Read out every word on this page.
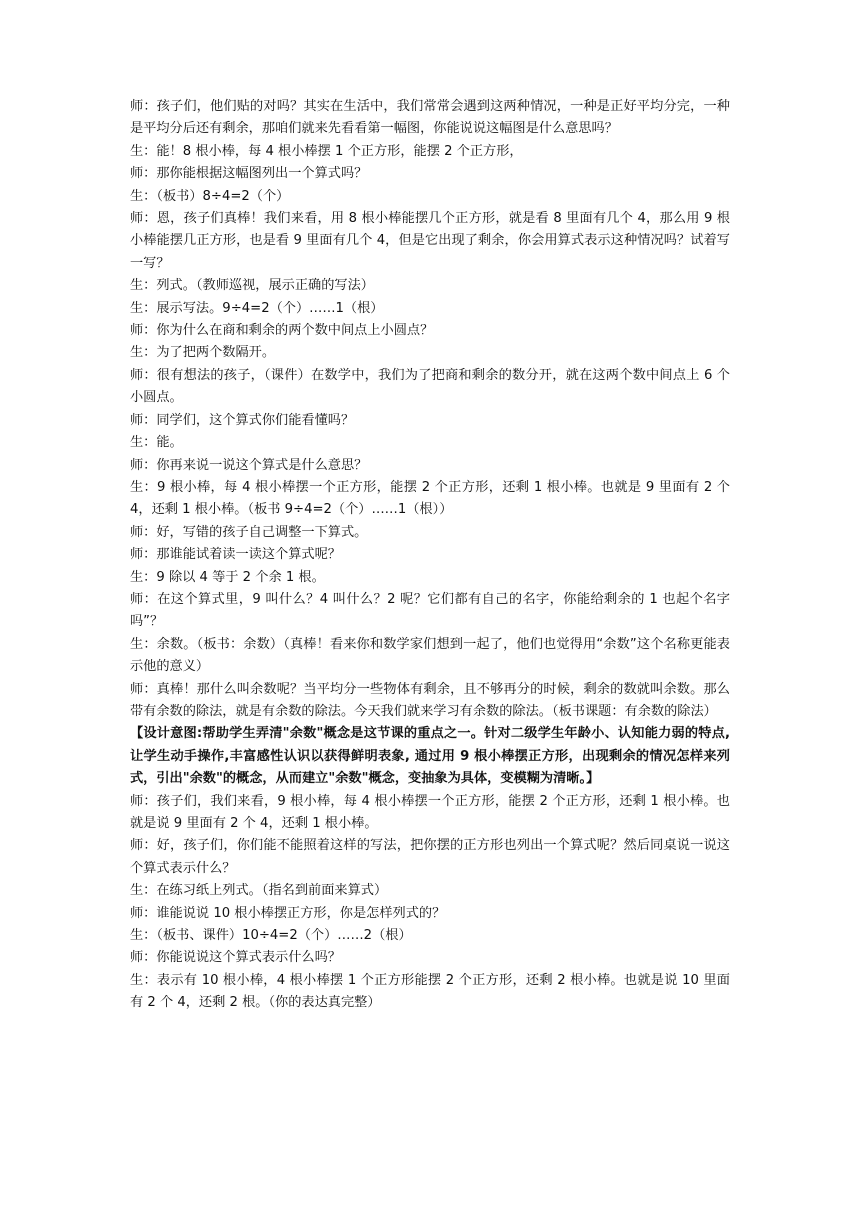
师：孩子们，他们贴的对吗？其实在生活中，我们常常会遇到这两种情况，一种是正好平均分完，一种是平均分后还有剩余，那咱们就来先看看第一幅图，你能说说这幅图是什么意思吗？

生：能！8 根小棒，每 4 根小棒摆 1 个正方形，能摆 2 个正方形，

师：那你能根据这幅图列出一个算式吗？

生：（板书）8÷4=2（个）

师：恩，孩子们真棒！我们来看，用 8 根小棒能摆几个正方形，就是看 8 里面有几个 4，那么用 9 根小棒能摆几正方形，也是看 9 里面有几个 4，但是它出现了剩余，你会用算式表示这种情况吗？试着写一写？

生：列式。（教师巡视，展示正确的写法）

生：展示写法。9÷4=2（个）……1（根）

师：你为什么在商和剩余的两个数中间点上小圆点？

生：为了把两个数隔开。

师：很有想法的孩子，（课件）在数学中，我们为了把商和剩余的数分开，就在这两个数中间点上 6 个小圆点。

师：同学们，这个算式你们能看懂吗？

生：能。

师：你再来说一说这个算式是什么意思？

生：9 根小棒，每 4 根小棒摆一个正方形，能摆 2 个正方形，还剩 1 根小棒。也就是 9 里面有 2 个 4，还剩 1 根小棒。（板书 9÷4=2（个）……1（根））

师：好，写错的孩子自己调整一下算式。

师：那谁能试着读一读这个算式呢？

生：9 除以 4 等于 2 个余 1 根。

师：在这个算式里，9 叫什么？4 叫什么？2 呢？它们都有自己的名字，你能给剩余的 1 也起个名字吗”？

生：余数。（板书：余数）（真棒！看来你和数学家们想到一起了，他们也觉得用“余数”这个名称更能表示他的意义）

师：真棒！那什么叫余数呢？当平均分一些物体有剩余，且不够再分的时候，剩余的数就叫余数。那么带有余数的除法，就是有余数的除法。今天我们就来学习有余数的除法。（板书课题：有余数的除法）

【设计意图:帮助学生弄清"余数"概念是这节课的重点之一。针对二级学生年龄小、认知能力弱的特点,让学生动手操作,丰富感性认识以获得鲜明表象, 通过用 9 根小棒摆正方形，出现剩余的情况怎样来列式，引出"余数"的概念，从而建立"余数"概念，变抽象为具体，变模糊为清晰。】

师：孩子们，我们来看，9 根小棒，每 4 根小棒摆一个正方形，能摆 2 个正方形，还剩 1 根小棒。也就是说 9 里面有 2 个 4，还剩 1 根小棒。

师：好，孩子们，你们能不能照着这样的写法，把你摆的正方形也列出一个算式呢？然后同桌说一说这个算式表示什么？

生：在练习纸上列式。（指名到前面来算式）

师：谁能说说 10 根小棒摆正方形，你是怎样列式的？

生：（板书、课件）10÷4=2（个）……2（根）

师：你能说说这个算式表示什么吗？

生：表示有 10 根小棒，4 根小棒摆 1 个正方形能摆 2 个正方形，还剩 2 根小棒。也就是说 10 里面有 2 个 4，还剩 2 根。（你的表达真完整）
